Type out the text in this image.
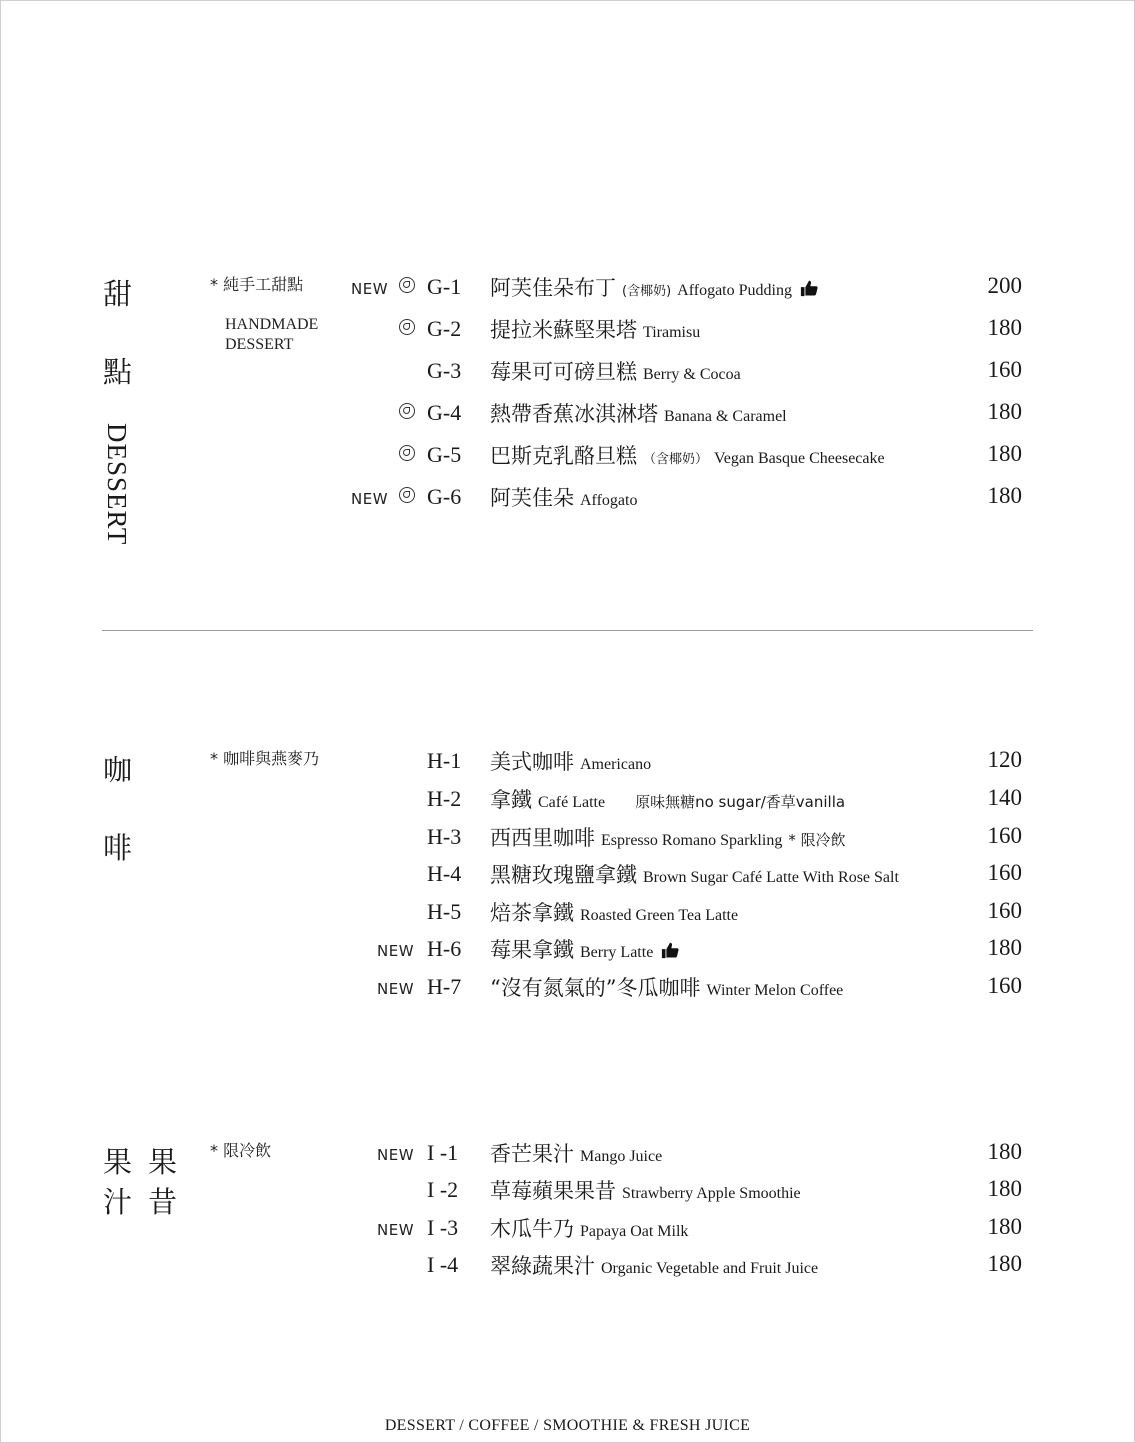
甜
點
DESSERT
* 純手工甜點
HANDMADE
DESSERT
NEW G-1 阿芙佳朵布丁 (含椰奶) Affogato Pudding	200
G-2 提拉米蘇堅果塔 Tiramisu	180
G-3 莓果可可磅旦糕 Berry & Cocoa	160
G-4 熱帶香蕉冰淇淋塔 Banana & Caramel	180
G-5 巴斯克乳酪旦糕 （含椰奶） Vegan Basque Cheesecake	180
NEW G-6 阿芙佳朵 Affogato	180
咖
啡
* 咖啡與燕麥乃	H-1 美式咖啡 Americano	120
H-2 拿鐵 Café Latte 原味無糖no sugar/香草vanilla	140
H-3 西西里咖啡 Espresso Romano Sparkling * 限冷飲	160
H-4 黑糖玫瑰鹽拿鐵 Brown Sugar Café Latte With Rose Salt	160
H-5 焙茶拿鐵 Roasted Green Tea Latte	160
NEW H-6 莓果拿鐵 Berry Latte	180
NEW H-7 “沒有氮氣的”冬瓜咖啡 Winter Melon Coffee	160
果 果
汁 昔
* 限冷飲	NEW I -1 香芒果汁 Mango Juice	180
I -2 草莓蘋果果昔 Strawberry Apple Smoothie	180
NEW I -3 木瓜牛乃 Papaya Oat Milk	180
I -4 翠綠蔬果汁 Organic Vegetable and Fruit Juice	180
DESSERT / COFFEE / SMOOTHIE & FRESH JUICE
